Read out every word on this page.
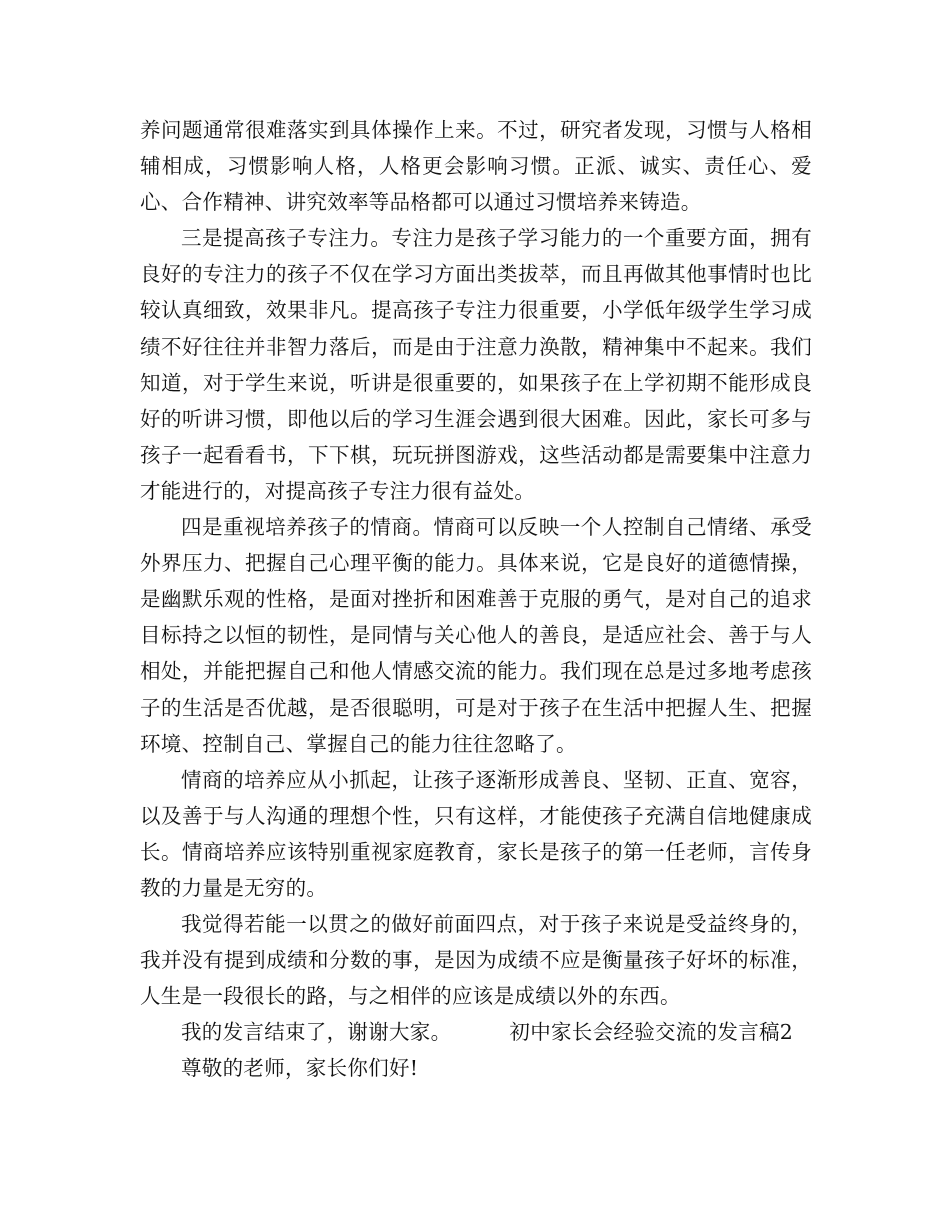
养问题通常很难落实到具体操作上来。不过，研究者发现，习惯与人格相辅相成，习惯影响人格，人格更会影响习惯。正派、诚实、责任心、爱心、合作精神、讲究效率等品格都可以通过习惯培养来铸造。

三是提高孩子专注力。专注力是孩子学习能力的一个重要方面，拥有良好的专注力的孩子不仅在学习方面出类拔萃，而且再做其他事情时也比较认真细致，效果非凡。提高孩子专注力很重要，小学低年级学生学习成绩不好往往并非智力落后，而是由于注意力涣散，精神集中不起来。我们知道，对于学生来说，听讲是很重要的，如果孩子在上学初期不能形成良好的听讲习惯，即他以后的学习生涯会遇到很大困难。因此，家长可多与孩子一起看看书，下下棋，玩玩拼图游戏，这些活动都是需要集中注意力才能进行的，对提高孩子专注力很有益处。

四是重视培养孩子的情商。情商可以反映一个人控制自己情绪、承受外界压力、把握自己心理平衡的能力。具体来说，它是良好的道德情操，是幽默乐观的性格，是面对挫折和困难善于克服的勇气，是对自己的追求目标持之以恒的韧性，是同情与关心他人的善良，是适应社会、善于与人相处，并能把握自己和他人情感交流的能力。我们现在总是过多地考虑孩子的生活是否优越，是否很聪明，可是对于孩子在生活中把握人生、把握环境、控制自己、掌握自己的能力往往忽略了。

情商的培养应从小抓起，让孩子逐渐形成善良、坚韧、正直、宽容，以及善于与人沟通的理想个性，只有这样，才能使孩子充满自信地健康成长。情商培养应该特别重视家庭教育，家长是孩子的第一任老师，言传身教的力量是无穷的。

我觉得若能一以贯之的做好前面四点，对于孩子来说是受益终身的，我并没有提到成绩和分数的事，是因为成绩不应是衡量孩子好坏的标准，人生是一段很长的路，与之相伴的应该是成绩以外的东西。

我的发言结束了，谢谢大家。	初中家长会经验交流的发言稿2

尊敬的老师，家长你们好!
